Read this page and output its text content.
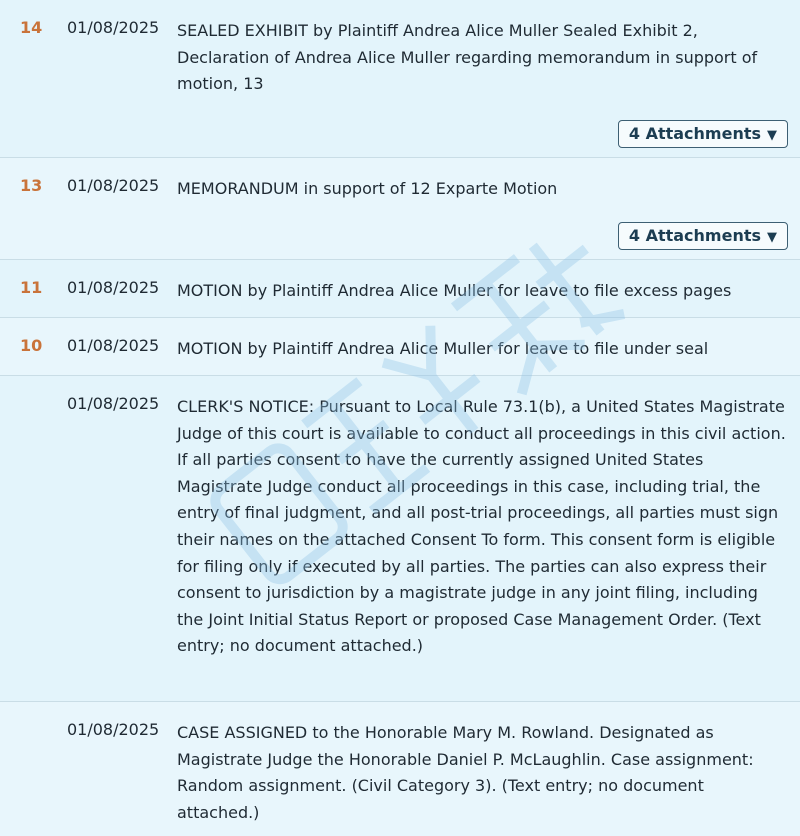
14	01/08/2025 SEALED EXHIBIT by Plaintiff Andrea Alice Muller Sealed Exhibit 2, Declaration of Andrea Alice Muller regarding memorandum in support of motion, 13
4 Attachments ▼
13	01/08/2025 MEMORANDUM in support of 12 Exparte Motion
4 Attachments ▼
11	01/08/2025 MOTION by Plaintiff Andrea Alice Muller for leave to file excess pages
10	01/08/2025 MOTION by Plaintiff Andrea Alice Muller for leave to file under seal
01/08/2025 CLERK'S NOTICE: Pursuant to Local Rule 73.1(b), a United States Magistrate Judge of this court is available to conduct all proceedings in this civil action. If all parties consent to have the currently assigned United States Magistrate Judge conduct all proceedings in this case, including trial, the entry of final judgment, and all post-trial proceedings, all parties must sign their names on the attached Consent To form. This consent form is eligible for filing only if executed by all parties. The parties can also express their consent to jurisdiction by a magistrate judge in any joint filing, including the Joint Initial Status Report or proposed Case Management Order. (Text entry; no document attached.)
01/08/2025 CASE ASSIGNED to the Honorable Mary M. Rowland. Designated as Magistrate Judge the Honorable Daniel P. McLaughlin. Case assignment: Random assignment. (Civil Category 3). (Text entry; no document attached.)
